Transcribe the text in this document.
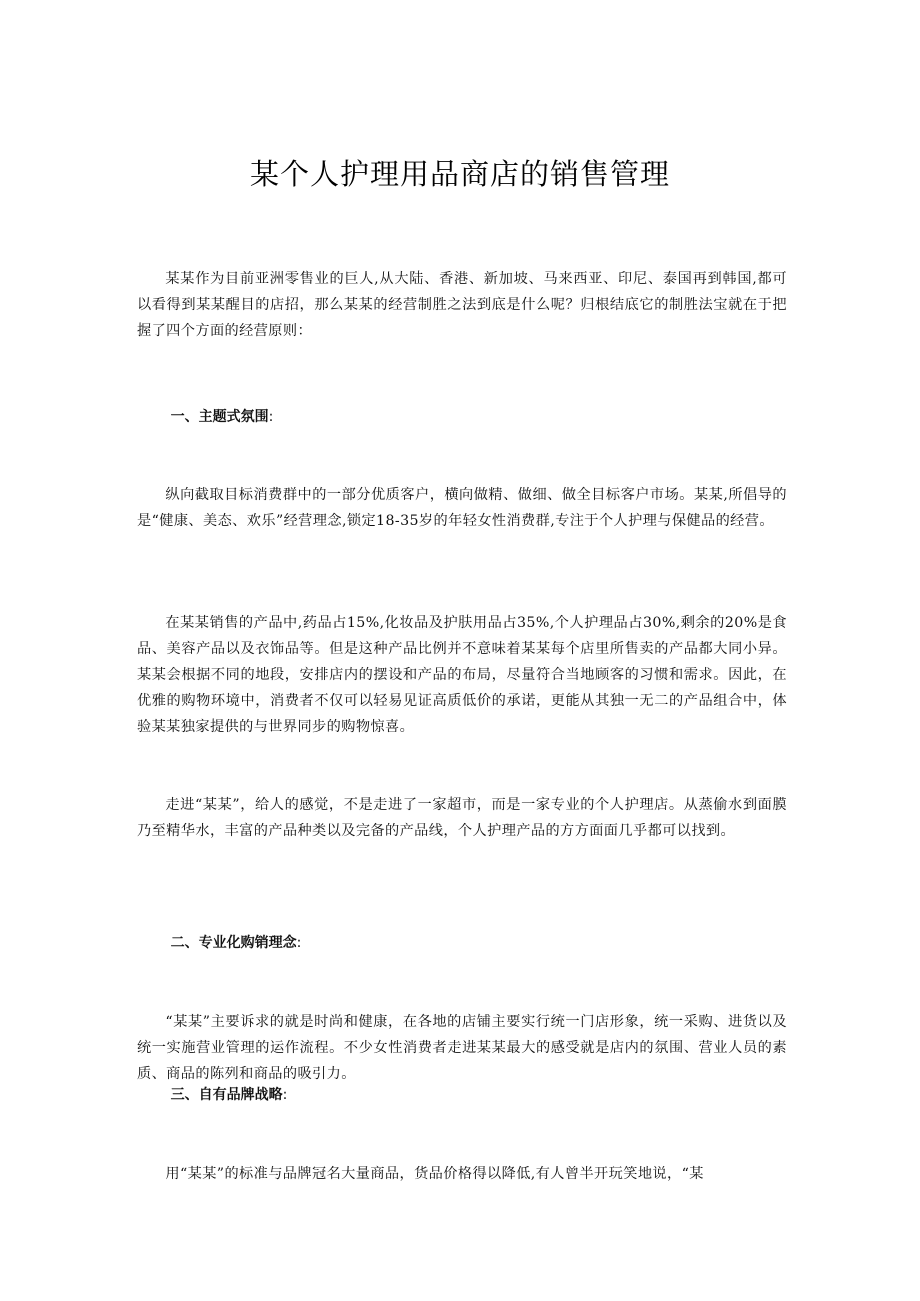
某个人护理用品商店的销售管理
某某作为目前亚洲零售业的巨人,从大陆、香港、新加坡、马来西亚、印尼、泰国再到韩国,都可以看得到某某醒目的店招，那么某某的经营制胜之法到底是什么呢？归根结底它的制胜法宝就在于把握了四个方面的经营原则：
一、主题式氛围:
纵向截取目标消费群中的一部分优质客户，横向做精、做细、做全目标客户市场。某某,所倡导的是“健康、美态、欢乐”经营理念,锁定18-35岁的年轻女性消费群,专注于个人护理与保健品的经营。
在某某销售的产品中,药品占15%,化妆品及护肤用品占35%,个人护理品占30%,剩余的20%是食品、美容产品以及衣饰品等。但是这种产品比例并不意味着某某每个店里所售卖的产品都大同小异。某某会根据不同的地段，安排店内的摆设和产品的布局，尽量符合当地顾客的习惯和需求。因此，在优雅的购物环境中，消费者不仅可以轻易见证高质低价的承诺，更能从其独一无二的产品组合中，体验某某独家提供的与世界同步的购物惊喜。
走进“某某”，给人的感觉，不是走进了一家超市，而是一家专业的个人护理店。从蒸偷水到面膜乃至精华水，丰富的产品种类以及完备的产品线，个人护理产品的方方面面几乎都可以找到。
二、专业化购销理念:
“某某”主要诉求的就是时尚和健康，在各地的店铺主要实行统一门店形象，统一采购、进货以及统一实施营业管理的运作流程。不少女性消费者走进某某最大的感受就是店内的氛围、营业人员的素质、商品的陈列和商品的吸引力。
三、自有品牌战略:
用“某某”的标准与品牌冠名大量商品，货品价格得以降低,有人曾半开玩笑地说，“某
